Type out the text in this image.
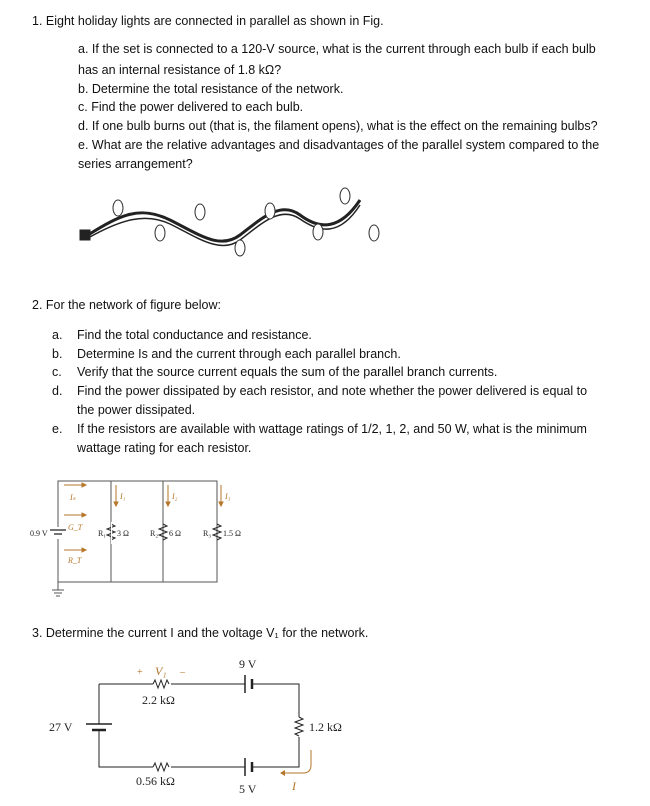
1. Eight holiday lights are connected in parallel as shown in Fig.
a. If the set is connected to a 120-V source, what is the current through each bulb if each bulb
has an internal resistance of 1.8 kΩ?
b. Determine the total resistance of the network.
c. Find the power delivered to each bulb.
d. If one bulb burns out (that is, the filament opens), what is the effect on the remaining bulbs?
e. What are the relative advantages and disadvantages of the parallel system compared to the
series arrangement?
0.9 V
Iₛ
G_T
R_T
I₁	I₂	I₃
R₁ 3 Ω	R₂ 6 Ω	R₃ 1.5 Ω
+ V₁ –
2.2 kΩ
9 V
27 V	1.2 kΩ
0.56 kΩ
5 V	I
2. For the network of figure below:
a. Find the total conductance and resistance.
b. Determine Is and the current through each parallel branch.
c. Verify that the source current equals the sum of the parallel branch currents.
d. Find the power dissipated by each resistor, and note whether the power delivered is equal to
the power dissipated.
e. If the resistors are available with wattage ratings of 1/2, 1, 2, and 50 W, what is the minimum
wattage rating for each resistor.
3. Determine the current I and the voltage V₁ for the network.
